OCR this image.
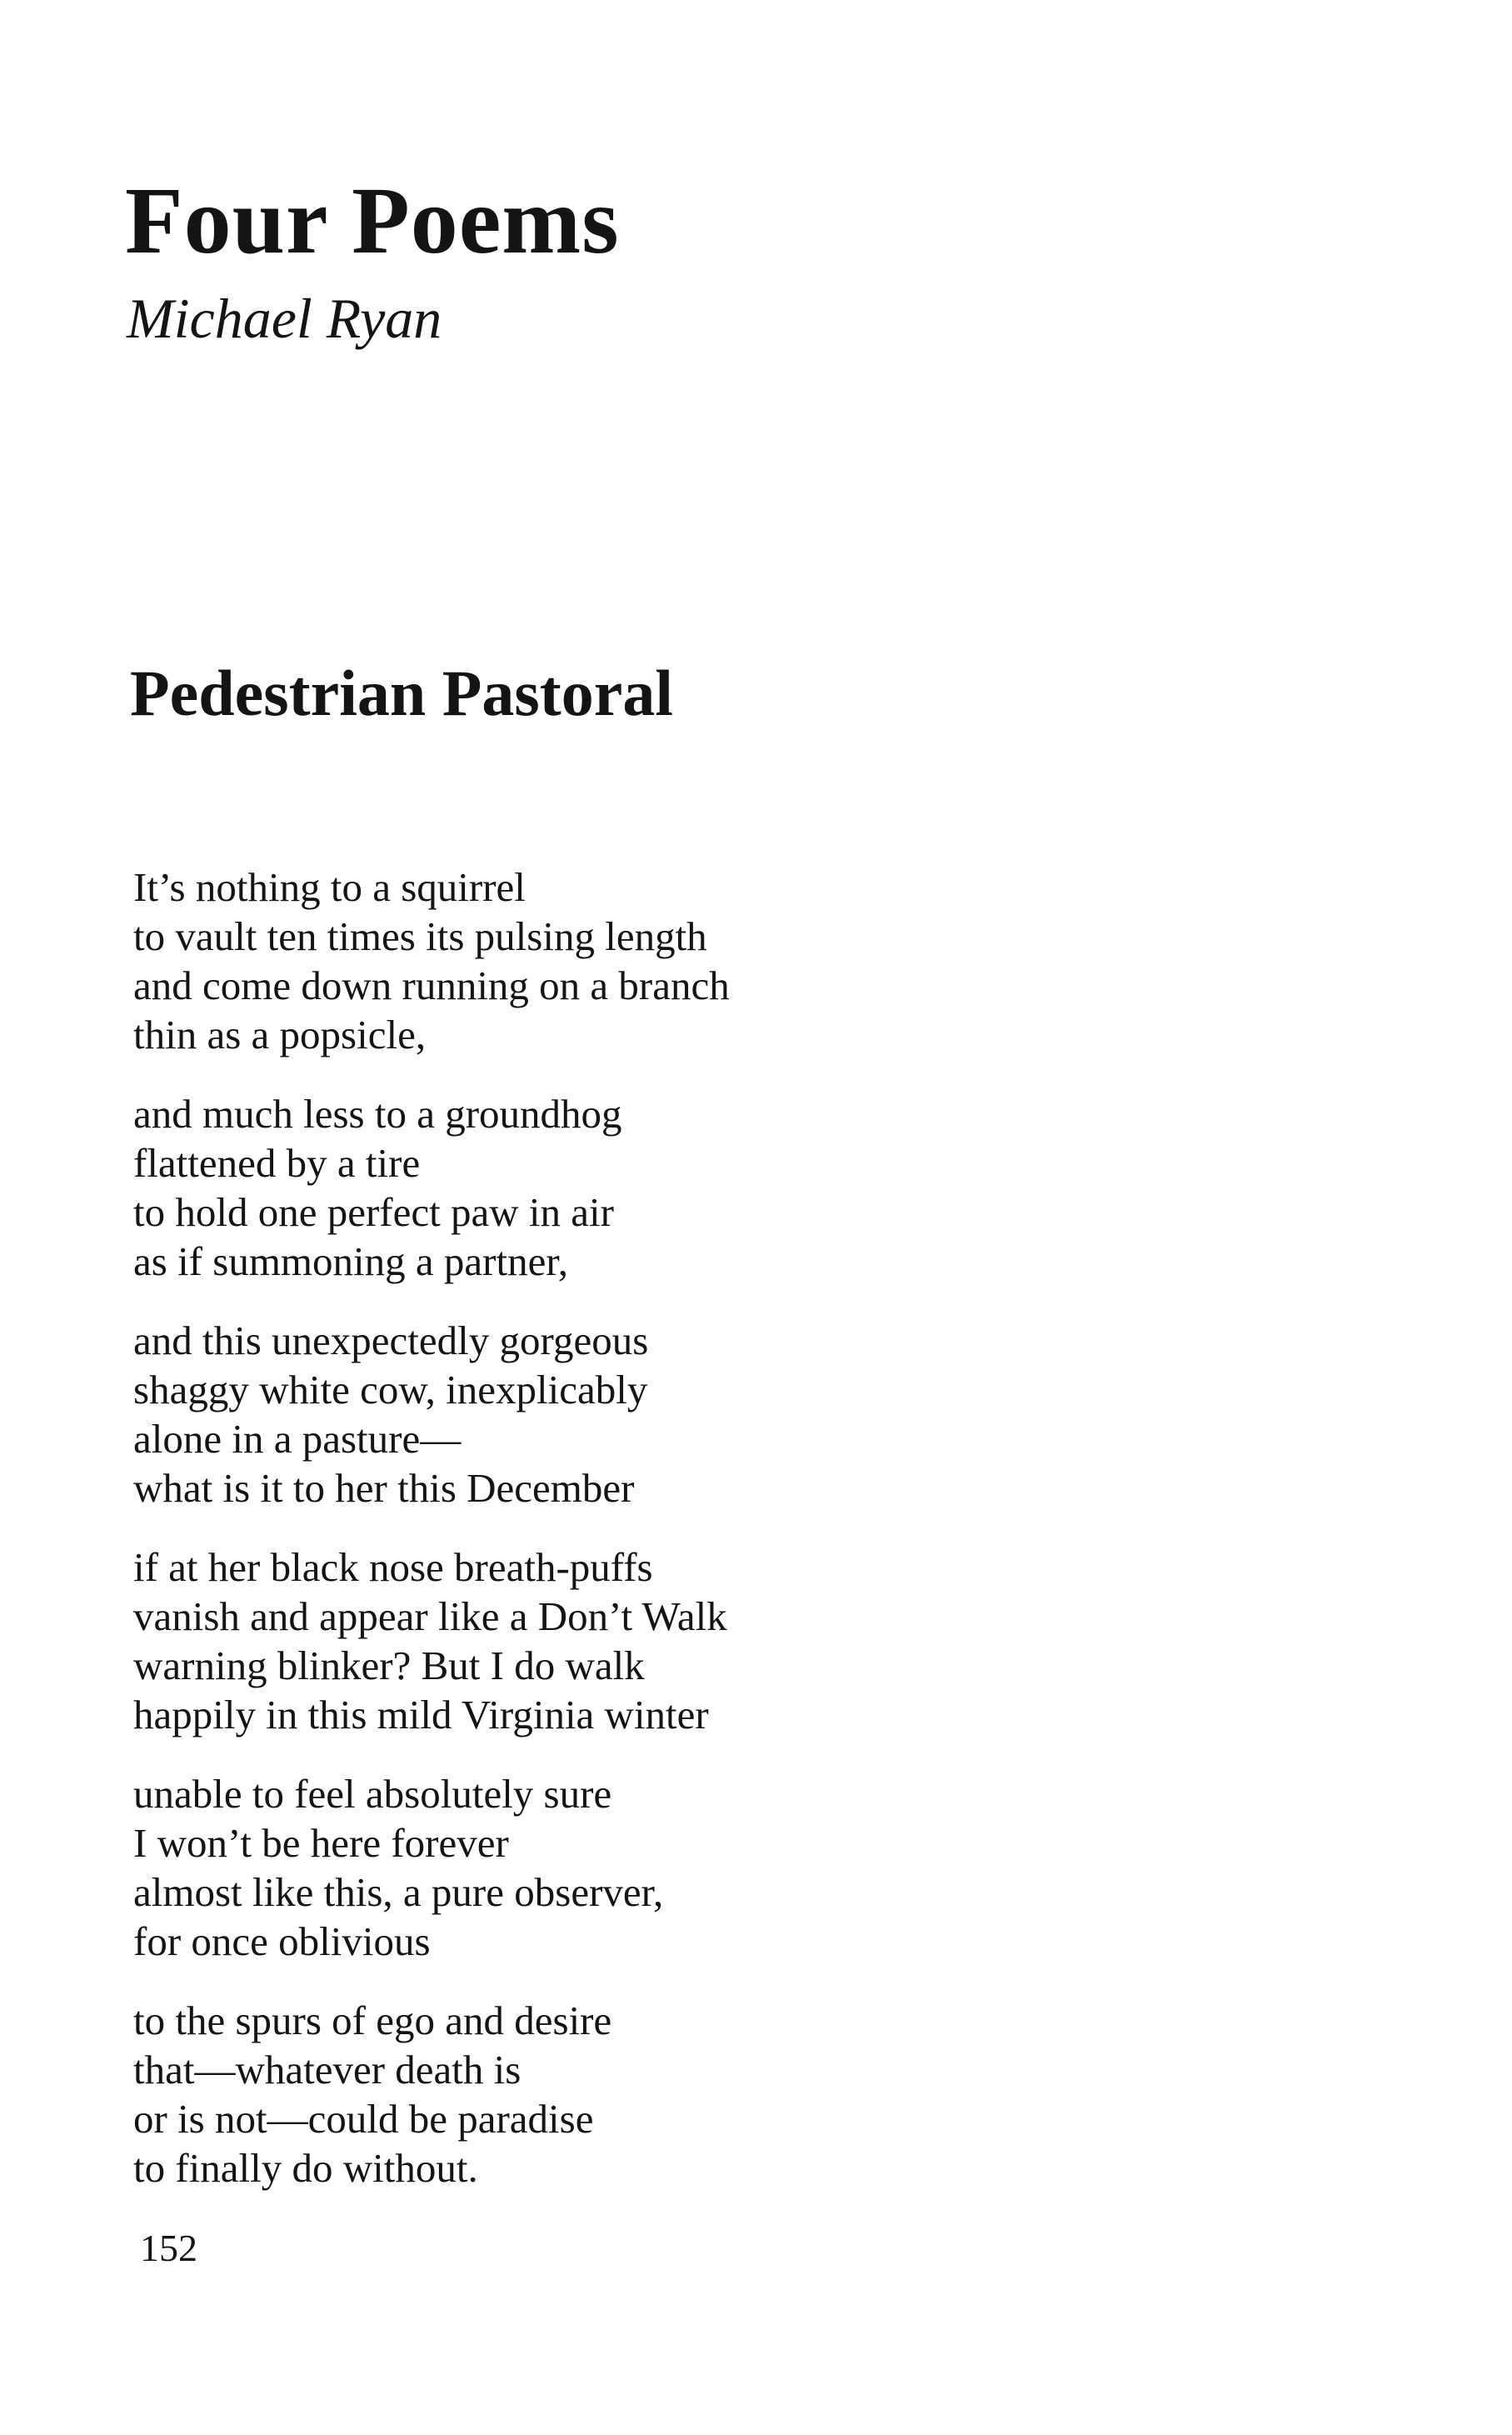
Four Poems
Michael Ryan
Pedestrian Pastoral
It’s nothing to a squirrel
to vault ten times its pulsing length
and come down running on a branch
thin as a popsicle,
and much less to a groundhog
flattened by a tire
to hold one perfect paw in air
as if summoning a partner,
and this unexpectedly gorgeous
shaggy white cow, inexplicably
alone in a pasture—
what is it to her this December
if at her black nose breath-puffs
vanish and appear like a Don’t Walk
warning blinker? But I do walk
happily in this mild Virginia winter
unable to feel absolutely sure
I won’t be here forever
almost like this, a pure observer,
for once oblivious
to the spurs of ego and desire
that—whatever death is
or is not—could be paradise
to finally do without.
152
